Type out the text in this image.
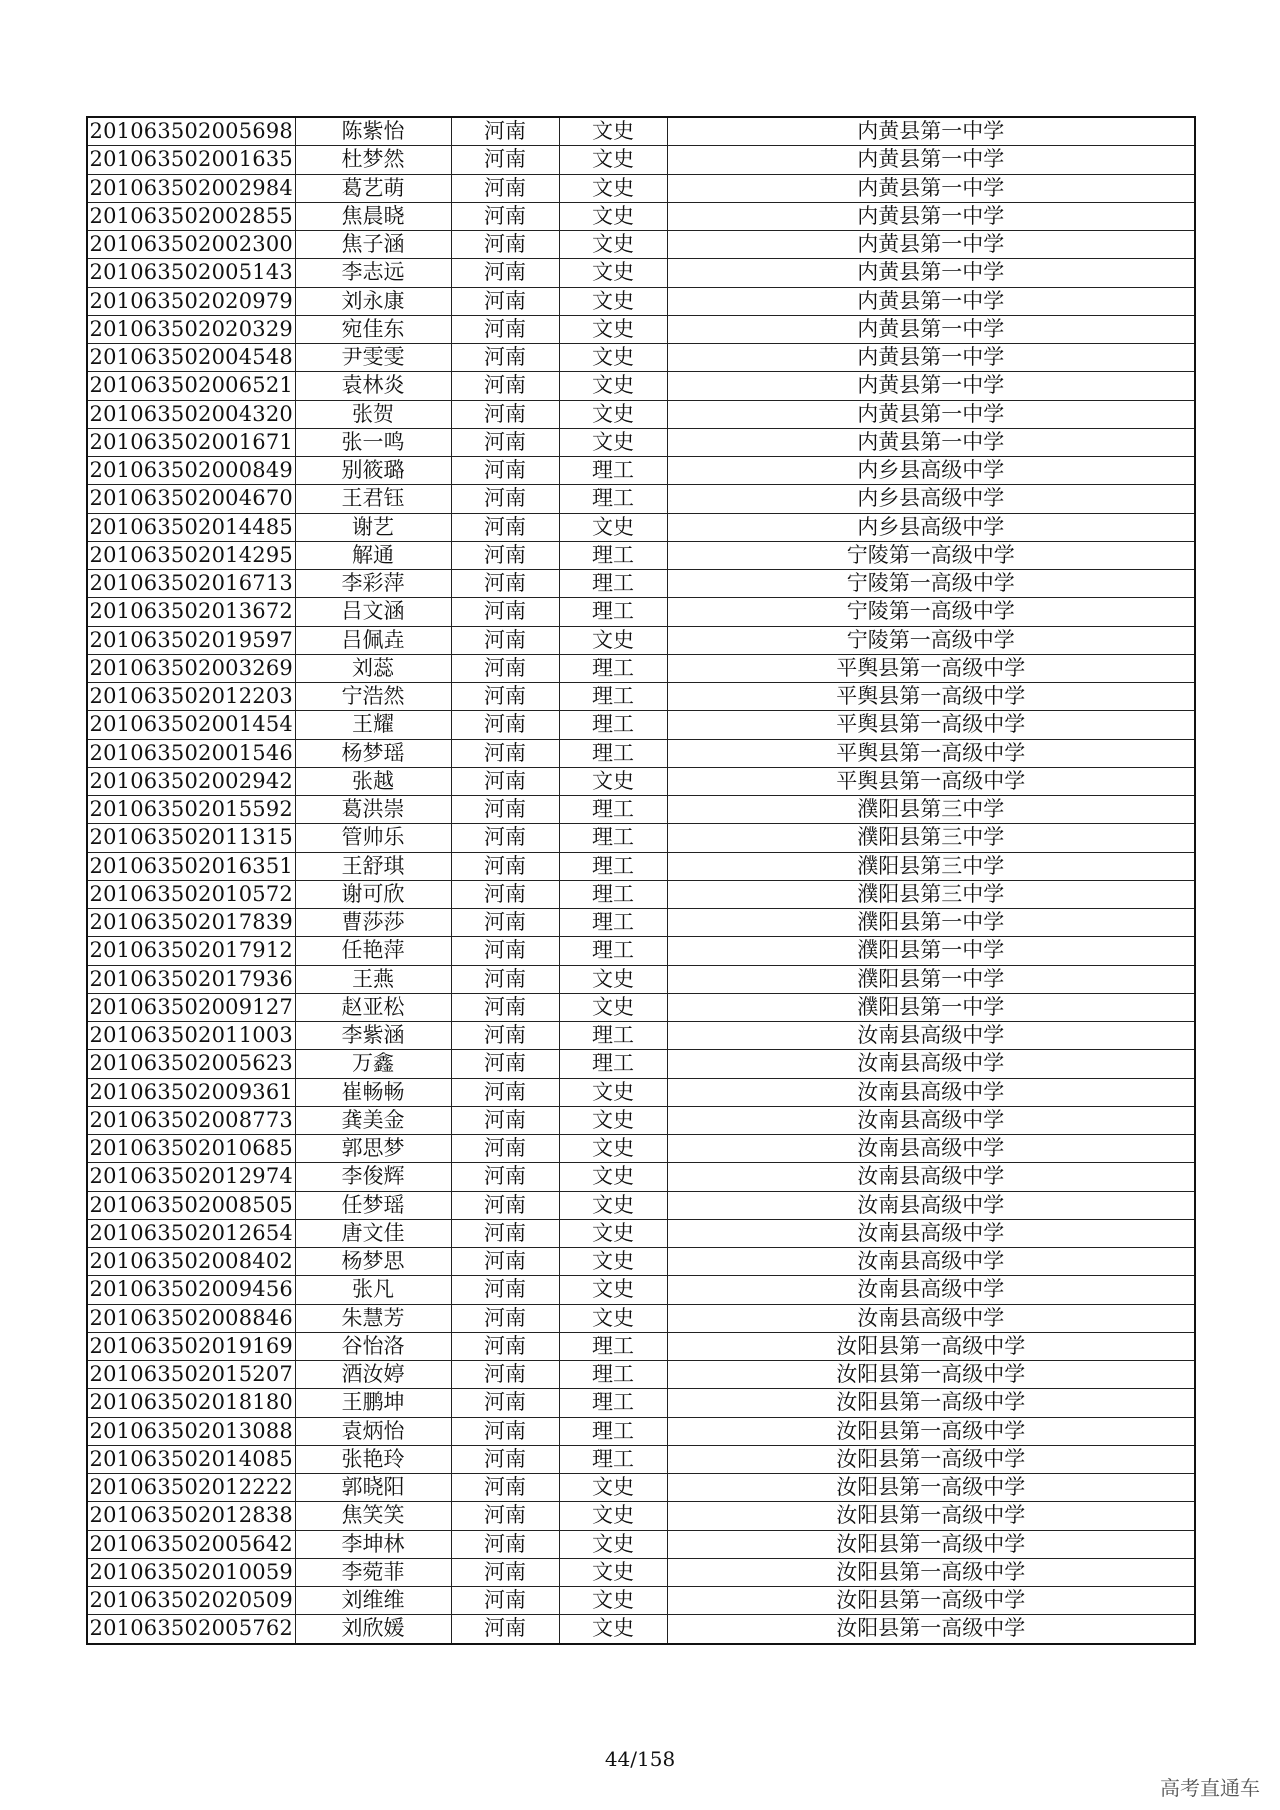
201063502005698	陈紫怡	河南	文史	内黄县第一中学
201063502001635	杜梦然	河南	文史	内黄县第一中学
201063502002984	葛艺萌	河南	文史	内黄县第一中学
201063502002855	焦晨晓	河南	文史	内黄县第一中学
201063502002300	焦子涵	河南	文史	内黄县第一中学
201063502005143	李志远	河南	文史	内黄县第一中学
201063502020979	刘永康	河南	文史	内黄县第一中学
201063502020329	宛佳东	河南	文史	内黄县第一中学
201063502004548	尹雯雯	河南	文史	内黄县第一中学
201063502006521	袁林炎	河南	文史	内黄县第一中学
201063502004320	张贺	河南	文史	内黄县第一中学
201063502001671	张一鸣	河南	文史	内黄县第一中学
201063502000849	别筱璐	河南	理工	内乡县高级中学
201063502004670	王君钰	河南	理工	内乡县高级中学
201063502014485	谢艺	河南	文史	内乡县高级中学
201063502014295	解通	河南	理工	宁陵第一高级中学
201063502016713	李彩萍	河南	理工	宁陵第一高级中学
201063502013672	吕文涵	河南	理工	宁陵第一高级中学
201063502019597	吕佩垚	河南	文史	宁陵第一高级中学
201063502003269	刘蕊	河南	理工	平舆县第一高级中学
201063502012203	宁浩然	河南	理工	平舆县第一高级中学
201063502001454	王耀	河南	理工	平舆县第一高级中学
201063502001546	杨梦瑶	河南	理工	平舆县第一高级中学
201063502002942	张越	河南	文史	平舆县第一高级中学
201063502015592	葛洪崇	河南	理工	濮阳县第三中学
201063502011315	管帅乐	河南	理工	濮阳县第三中学
201063502016351	王舒琪	河南	理工	濮阳县第三中学
201063502010572	谢可欣	河南	理工	濮阳县第三中学
201063502017839	曹莎莎	河南	理工	濮阳县第一中学
201063502017912	任艳萍	河南	理工	濮阳县第一中学
201063502017936	王燕	河南	文史	濮阳县第一中学
201063502009127	赵亚松	河南	文史	濮阳县第一中学
201063502011003	李紫涵	河南	理工	汝南县高级中学
201063502005623	万鑫	河南	理工	汝南县高级中学
201063502009361	崔畅畅	河南	文史	汝南县高级中学
201063502008773	龚美金	河南	文史	汝南县高级中学
201063502010685	郭思梦	河南	文史	汝南县高级中学
201063502012974	李俊辉	河南	文史	汝南县高级中学
201063502008505	任梦瑶	河南	文史	汝南县高级中学
201063502012654	唐文佳	河南	文史	汝南县高级中学
201063502008402	杨梦思	河南	文史	汝南县高级中学
201063502009456	张凡	河南	文史	汝南县高级中学
201063502008846	朱慧芳	河南	文史	汝南县高级中学
201063502019169	谷怡洛	河南	理工	汝阳县第一高级中学
201063502015207	酒汝婷	河南	理工	汝阳县第一高级中学
201063502018180	王鹏坤	河南	理工	汝阳县第一高级中学
201063502013088	袁炳怡	河南	理工	汝阳县第一高级中学
201063502014085	张艳玲	河南	理工	汝阳县第一高级中学
201063502012222	郭晓阳	河南	文史	汝阳县第一高级中学
201063502012838	焦笑笑	河南	文史	汝阳县第一高级中学
201063502005642	李坤林	河南	文史	汝阳县第一高级中学
201063502010059	李菀菲	河南	文史	汝阳县第一高级中学
201063502020509	刘维维	河南	文史	汝阳县第一高级中学
201063502005762	刘欣媛	河南	文史	汝阳县第一高级中学
44/158
高考直通车
